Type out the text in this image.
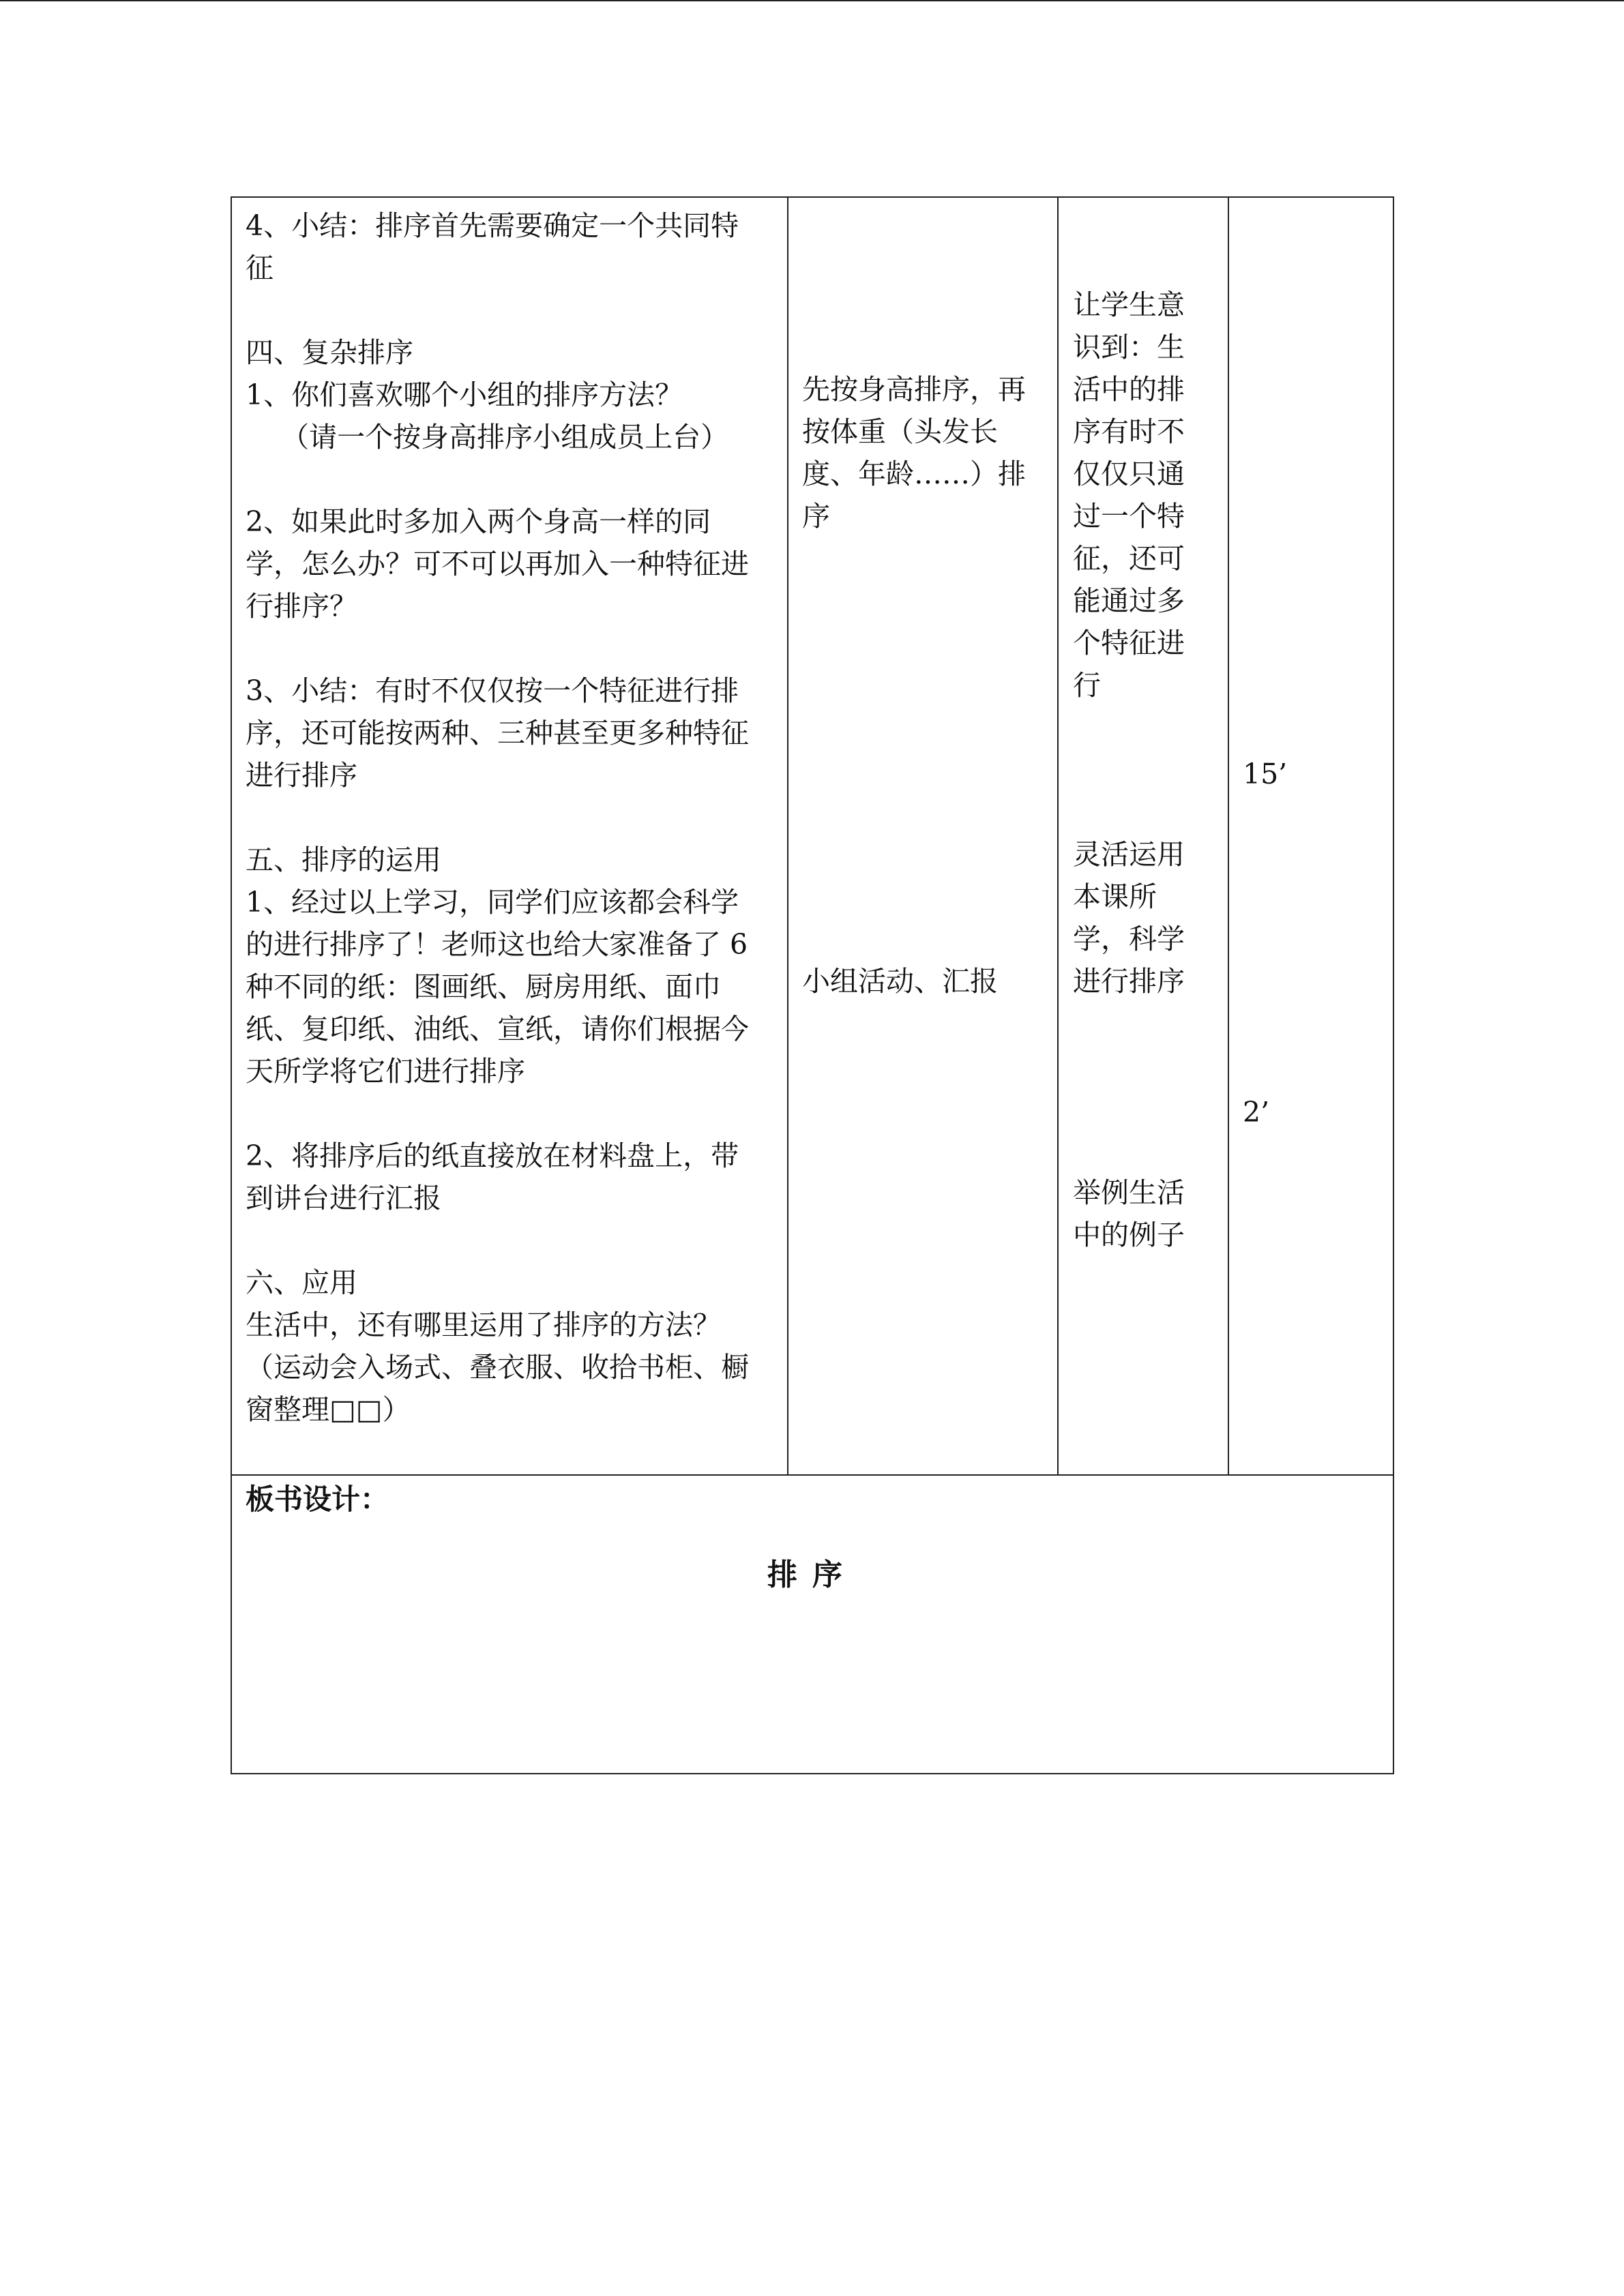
4、小结：排序首先需要确定一个共同特
征

四、复杂排序
1、你们喜欢哪个小组的排序方法？
（请一个按身高排序小组成员上台）

2、如果此时多加入两个身高一样的同
学，怎么办？可不可以再加入一种特征进
行排序？

3、小结：有时不仅仅按一个特征进行排
序，还可能按两种、三种甚至更多种特征
进行排序

五、排序的运用
1、经过以上学习，同学们应该都会科学
的进行排序了！老师这也给大家准备了 6
种不同的纸：图画纸、厨房用纸、面巾
纸、复印纸、油纸、宣纸，请你们根据今
天所学将它们进行排序

2、将排序后的纸直接放在材料盘上，带
到讲台进行汇报

六、应用
生活中，还有哪里运用了排序的方法？
（运动会入场式、叠衣服、收拾书柜、橱
窗整理□□）
先按身高排序，再
按体重（头发长
度、年龄……）排
序

小组活动、汇报
让学生意
识到：生
活中的排
序有时不
仅仅只通
过一个特
征，还可
能通过多
个特征进
行

灵活运用
本课所
学，科学
进行排序

举例生活
中的例子
15’
2’
板书设计：
排序
